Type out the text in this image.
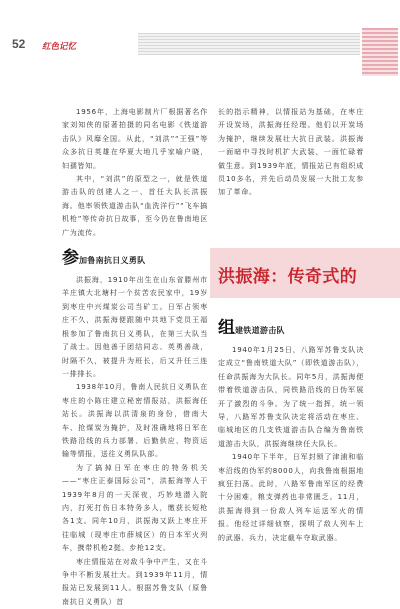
52 红色记忆

1956年，上海电影制片厂根据著名作家刘知侠的原著拍摄的同名电影《铁道游击队》风靡全国。从此，“刘洪”“王强”等众多抗日英雄在华夏大地几乎家喻户晓，妇孺皆知。

其中，“刘洪”的原型之一，就是铁道游击队的创建人之一、首任大队长洪振海。他率领铁道游击队“血洗洋行”“飞车搞机枪”等传奇抗日故事，至今仍在鲁南地区广为流传。

参加鲁南抗日义勇队

洪振海，1910年出生在山东省滕州市羊庄镇大北塘村一个贫苦农民家中，19岁到枣庄中兴煤炭公司当矿工。日军占领枣庄不久，洪振海便跟随中共地下党员王福根参加了鲁南抗日义勇队，在第三大队当了战士。因他善于团结同志、英勇善战，时隔不久，被提升为班长，后又升任三连一排排长。

1938年10月，鲁南人民抗日义勇队在枣庄的小陈庄建立秘密情报站，洪振海任站长。洪振海以洪清泉的身份，借南大车、抢煤炭为掩护，及时准确地将日军在铁路沿线的兵力部署、后勤供应、物资运输等情报，送往义勇队队部。

为了搞掉日军在枣庄的特务机关——“枣庄正泰国际公司”，洪振海等人于1939年8月的一天深夜，巧妙地潜入院内，打死打伤日本特务多人，缴获长短枪各1支。同年10月，洪振海又跃上枣庄开往临城（现枣庄市薛城区）的日本军火列车，携带机枪2挺、步枪12支。

枣庄情报站在对敌斗争中产生，又在斗争中不断发展壮大。到1939年11月，情报站已发展到11人。根据苏鲁支队（原鲁南抗日义勇队）首

长的指示精神，以情报站为基础，在枣庄开设炭场，洪振海任经理。他们以开炭场为掩护，继续发展壮大抗日武装。洪振海一面暗中寻找时机扩大武装，一面忙碌着做生意。到1939年底，情报站已有组织成员10多名，并先后动员发展一大批工友参加了革命。

洪振海：传奇式的
组建铁道游击队

1940年1月25日，八路军苏鲁支队决定成立“鲁南铁道大队”（即铁道游击队），任命洪振海为大队长。同年5月，洪振海便带着铁道游击队，同铁路沿线的日伪军展开了激烈的斗争。为了统一指挥，统一领导，八路军苏鲁支队决定将活动在枣庄、临城地区的几支铁道游击队合编为鲁南铁道游击大队，洪振海继续任大队长。

1940年下半年，日军封锁了津浦和临枣沿线的伪军约8000人，向我鲁南根据地疯狂扫荡。此时，八路军鲁南军区的经费十分困难，粮支弹药也非常匮乏。11月，洪振海得到一份敌人列车运送军火的情报。他经过详细侦察，探明了敌人列车上的武器、兵力，决定截车夺取武器。
